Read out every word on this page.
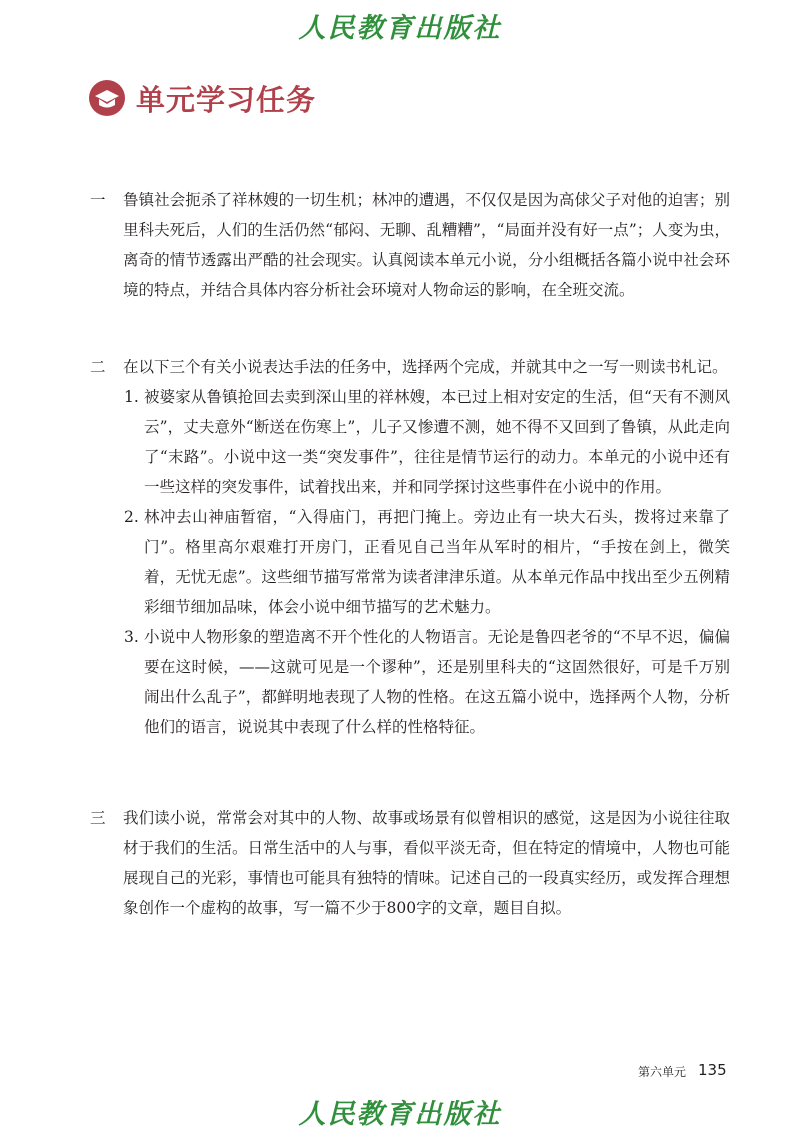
人民教育出版社
单元学习任务
一	鲁镇社会扼杀了祥林嫂的一切生机；林冲的遭遇，不仅仅是因为高俅父子对他的迫害；别里科夫死后，人们的生活仍然“郁闷、无聊、乱糟糟”，“局面并没有好一点”；人变为虫，离奇的情节透露出严酷的社会现实。认真阅读本单元小说，分小组概括各篇小说中社会环境的特点，并结合具体内容分析社会环境对人物命运的影响，在全班交流。
二	在以下三个有关小说表达手法的任务中，选择两个完成，并就其中之一写一则读书札记。
1. 被婆家从鲁镇抢回去卖到深山里的祥林嫂，本已过上相对安定的生活，但“天有不测风云”，丈夫意外“断送在伤寒上”，儿子又惨遭不测，她不得不又回到了鲁镇，从此走向了“末路”。小说中这一类“突发事件”，往往是情节运行的动力。本单元的小说中还有一些这样的突发事件，试着找出来，并和同学探讨这些事件在小说中的作用。
2. 林冲去山神庙暂宿，“入得庙门，再把门掩上。旁边止有一块大石头，拨将过来靠了门”。格里高尔艰难打开房门，正看见自己当年从军时的相片，“手按在剑上，微笑着，无忧无虑”。这些细节描写常常为读者津津乐道。从本单元作品中找出至少五例精彩细节细加品味，体会小说中细节描写的艺术魅力。
3. 小说中人物形象的塑造离不开个性化的人物语言。无论是鲁四老爷的“不早不迟，偏偏要在这时候，——这就可见是一个谬种”，还是别里科夫的“这固然很好，可是千万别闹出什么乱子”，都鲜明地表现了人物的性格。在这五篇小说中，选择两个人物，分析他们的语言，说说其中表现了什么样的性格特征。
三	我们读小说，常常会对其中的人物、故事或场景有似曾相识的感觉，这是因为小说往往取材于我们的生活。日常生活中的人与事，看似平淡无奇，但在特定的情境中，人物也可能展现自己的光彩，事情也可能具有独特的情味。记述自己的一段真实经历，或发挥合理想象创作一个虚构的故事，写一篇不少于800字的文章，题目自拟。
第六单元 135
人民教育出版社
